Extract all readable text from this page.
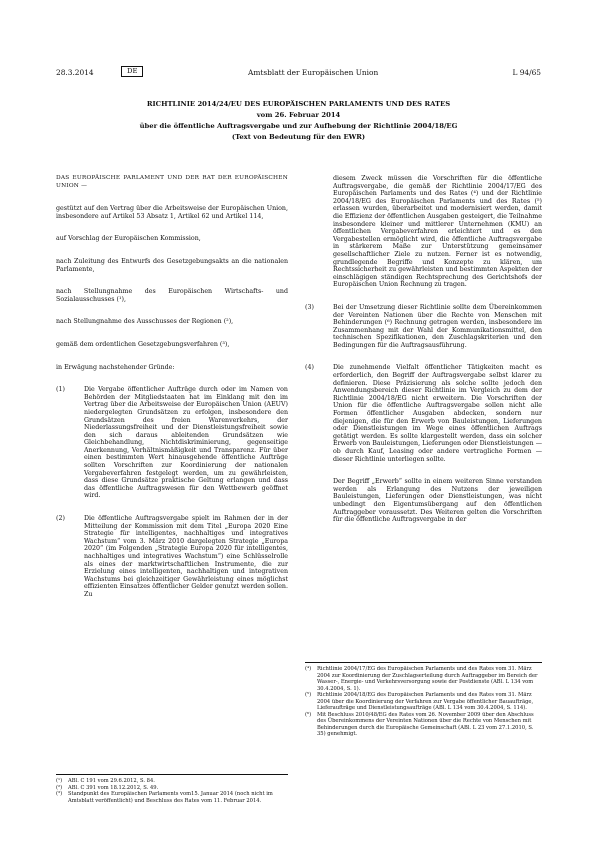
28.3.2014	DE	Amtsblatt der Europäischen Union	L 94/65
RICHTLINIE 2014/24/EU DES EUROPÄISCHEN PARLAMENTS UND DES RATES
vom 26. Februar 2014
über die öffentliche Auftragsvergabe und zur Aufhebung der Richtlinie 2004/18/EG
(Text von Bedeutung für den EWR)

DAS EUROPÄISCHE PARLAMENT UND DER RAT DER EUROPÄISCHEN UNION —

gestützt auf den Vertrag über die Arbeitsweise der Europäischen Union, insbesondere auf Artikel 53 Absatz 1, Artikel 62 und Artikel 114,

auf Vorschlag der Europäischen Kommission,

nach Zuleitung des Entwurfs des Gesetzgebungsakts an die nationalen Parlamente,

nach Stellungnahme des Europäischen Wirtschafts- und Sozialausschusses (¹),

nach Stellungnahme des Ausschusses der Regionen (²),

gemäß dem ordentlichen Gesetzgebungsverfahren (³),

in Erwägung nachstehender Gründe:

(1)	Die Vergabe öffentlicher Aufträge durch oder im Namen von Behörden der Mitgliedstaaten hat im Einklang mit den im Vertrag über die Arbeitsweise der Europäischen Union (AEUV) niedergelegten Grundsätzen zu erfolgen, insbesondere den Grundsätzen des freien Warenverkehrs, der Niederlassungsfreiheit und der Dienstleistungsfreiheit sowie den sich daraus ableitenden Grundsätzen wie Gleichbehandlung, Nichtdiskriminierung, gegenseitige Anerkennung, Verhältnismäßigkeit und Transparenz. Für über einen bestimmten Wert hinausgehende öffentliche Aufträge sollten Vorschriften zur Koordinierung der nationalen Vergabeverfahren festgelegt werden, um zu gewährleisten, dass diese Grundsätze praktische Geltung erlangen und dass das öffentliche Auftragswesen für den Wettbewerb geöffnet wird.
(2)	Die öffentliche Auftragsvergabe spielt im Rahmen der in der Mitteilung der Kommission mit dem Titel „Europa 2020 Eine Strategie für intelligentes, nachhaltiges und integratives Wachstum“ vom 3. März 2010 dargelegten Strategie „Europa 2020“ (im Folgenden „Strategie Europa 2020 für intelligentes, nachhaltiges und integratives Wachstum“) eine Schlüsselrolle als eines der marktwirtschaftlichen Instrumente, die zur Erzielung eines intelligenten, nachhaltigen und integrativen Wachstums bei gleichzeitiger Gewährleistung eines möglichst effizienten Einsatzes öffentlicher Gelder genutzt werden sollen. Zu
diesem Zweck müssen die Vorschriften für die öffentliche Auftragsvergabe, die gemäß der Richtlinie 2004/17/EG des Europäischen Parlaments und des Rates (⁴) und der Richtlinie 2004/18/EG des Europäischen Parlaments und des Rates (⁵) erlassen wurden, überarbeitet und modernisiert werden, damit die Effizienz der öffentlichen Ausgaben gesteigert, die Teilnahme insbesondere kleiner und mittlerer Unternehmen (KMU) an öffentlichen Vergabeverfahren erleichtert und es den Vergabestellen ermöglicht wird, die öffentliche Auftragsvergabe in stärkerem Maße zur Unterstützung gemeinsamer gesellschaftlicher Ziele zu nutzen. Ferner ist es notwendig, grundlegende Begriffe und Konzepte zu klären, um Rechtssicherheit zu gewährleisten und bestimmten Aspekten der einschlägigen ständigen Rechtsprechung des Gerichtshofs der Europäischen Union Rechnung zu tragen.
(3)	Bei der Umsetzung dieser Richtlinie sollte dem Übereinkommen der Vereinten Nationen über die Rechte von Menschen mit Behinderungen (⁶) Rechnung getragen werden, insbesondere im Zusammenhang mit der Wahl der Kommunikationsmittel, den technischen Spezifikationen, den Zuschlagskriterien und den Bedingungen für die Auftragsausführung.
(4)	Die zunehmende Vielfalt öffentlicher Tätigkeiten macht es erforderlich, den Begriff der Auftragsvergabe selbst klarer zu definieren. Diese Präzisierung als solche sollte jedoch den Anwendungsbereich dieser Richtlinie im Vergleich zu dem der Richtlinie 2004/18/EG nicht erweitern. Die Vorschriften der Union für die öffentliche Auftragsvergabe sollen nicht alle Formen öffentlicher Ausgaben abdecken, sondern nur diejenigen, die für den Erwerb von Bauleistungen, Lieferungen oder Dienstleistungen im Wege eines öffentlichen Auftrags getätigt werden. Es sollte klargestellt werden, dass ein solcher Erwerb von Bauleistungen, Lieferungen oder Dienstleistungen — ob durch Kauf, Leasing oder andere vertragliche Formen — dieser Richtlinie unterliegen sollte.
Der Begriff „Erwerb“ sollte in einem weiteren Sinne verstanden werden als Erlangung des Nutzens der jeweiligen Bauleistungen, Lieferungen oder Dienstleistungen, was nicht unbedingt den Eigentumsübergang auf den öffentlichen Auftraggeber voraussetzt. Des Weiteren gelten die Vorschriften für die öffentliche Auftragsvergabe in der
(¹) ABl. C 191 vom 29.6.2012, S. 84.
(²) ABl. C 391 vom 18.12.2012, S. 49.
(³) Standpunkt des Europäischen Parlaments vom15. Januar 2014 (noch nicht im Amtsblatt veröffentlicht) und Beschluss des Rates vom 11. Februar 2014.
(⁴) Richtlinie 2004/17/EG des Europäischen Parlaments und des Rates vom 31. März 2004 zur Koordinierung der Zuschlagserteilung durch Auftraggeber im Bereich der Wasser-, Energie- und Verkehrsversorgung sowie der Postdienste (ABl. L 134 vom 30.4.2004, S. 1).
(⁵) Richtlinie 2004/18/EG des Europäischen Parlaments und des Rates vom 31. März 2004 über die Koordinierung der Verfahren zur Vergabe öffentlicher Bauaufträge, Lieferaufträge und Dienstleistungsaufträge (ABl. L 134 vom 30.4.2004, S. 114).
(⁶) Mit Beschluss 2010/48/EG des Rates vom 26. November 2009 über den Abschluss des Übereinkommens der Vereinten Nationen über die Rechte von Menschen mit Behinderungen durch die Europäische Gemeinschaft (ABl. L 23 vom 27.1.2010, S. 35) genehmigt.
